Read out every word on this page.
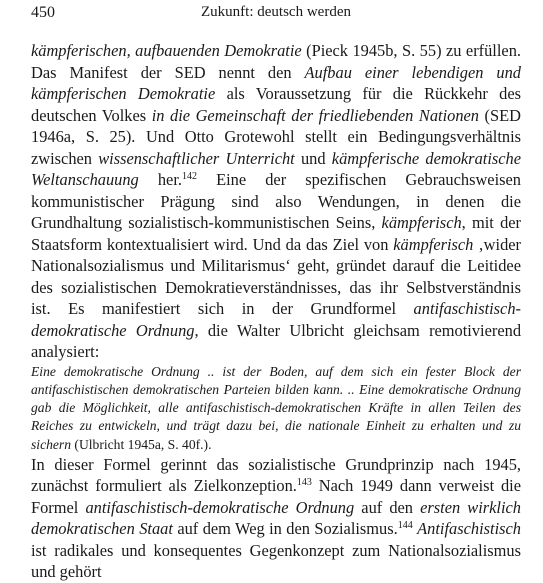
450	Zukunft: deutsch werden

kämpferischen, aufbauenden Demokratie (Pieck 1945b, S. 55) zu erfüllen. Das Manifest der SED nennt den Aufbau einer lebendigen und kämpferischen Demokratie als Voraussetzung für die Rückkehr des deutschen Volkes in die Gemeinschaft der friedliebenden Nationen (SED 1946a, S. 25). Und Otto Grotewohl stellt ein Bedingungsverhältnis zwischen wissenschaftlicher Unterricht und kämpferische demokratische Weltanschauung her.$^{142}$ Eine der spezifischen Gebrauchsweisen kommunistischer Prägung sind also Wendungen, in denen die Grundhaltung sozialistisch-kommunistischen Seins, kämpferisch, mit der Staatsform kontextualisiert wird. Und da das Ziel von kämpferisch ‚wider Nationalsozialismus und Militarismus‘ geht, gründet darauf die Leitidee des sozialistischen Demokratieverständnisses, das ihr Selbstverständnis ist. Es manifestiert sich in der Grundformel antifaschistisch-demokratische Ordnung, die Walter Ulbricht gleichsam remotivierend analysiert:

Eine demokratische Ordnung .. ist der Boden, auf dem sich ein fester Block der antifaschistischen demokratischen Parteien bilden kann. .. Eine demokratische Ordnung gab die Möglichkeit, alle antifaschistisch-demokratischen Kräfte in allen Teilen des Reiches zu entwickeln, und trägt dazu bei, die nationale Einheit zu erhalten und zu sichern (Ulbricht 1945a, S. 40f.).

In dieser Formel gerinnt das sozialistische Grundprinzip nach 1945, zunächst formuliert als Zielkonzeption.$^{143}$ Nach 1949 dann verweist die Formel antifaschistisch-demokratische Ordnung auf den ersten wirklich demokratischen Staat auf dem Weg in den Sozialismus.$^{144}$ Antifaschistisch ist radikales und konsequentes Gegenkonzept zum Nationalsozialismus und gehört
